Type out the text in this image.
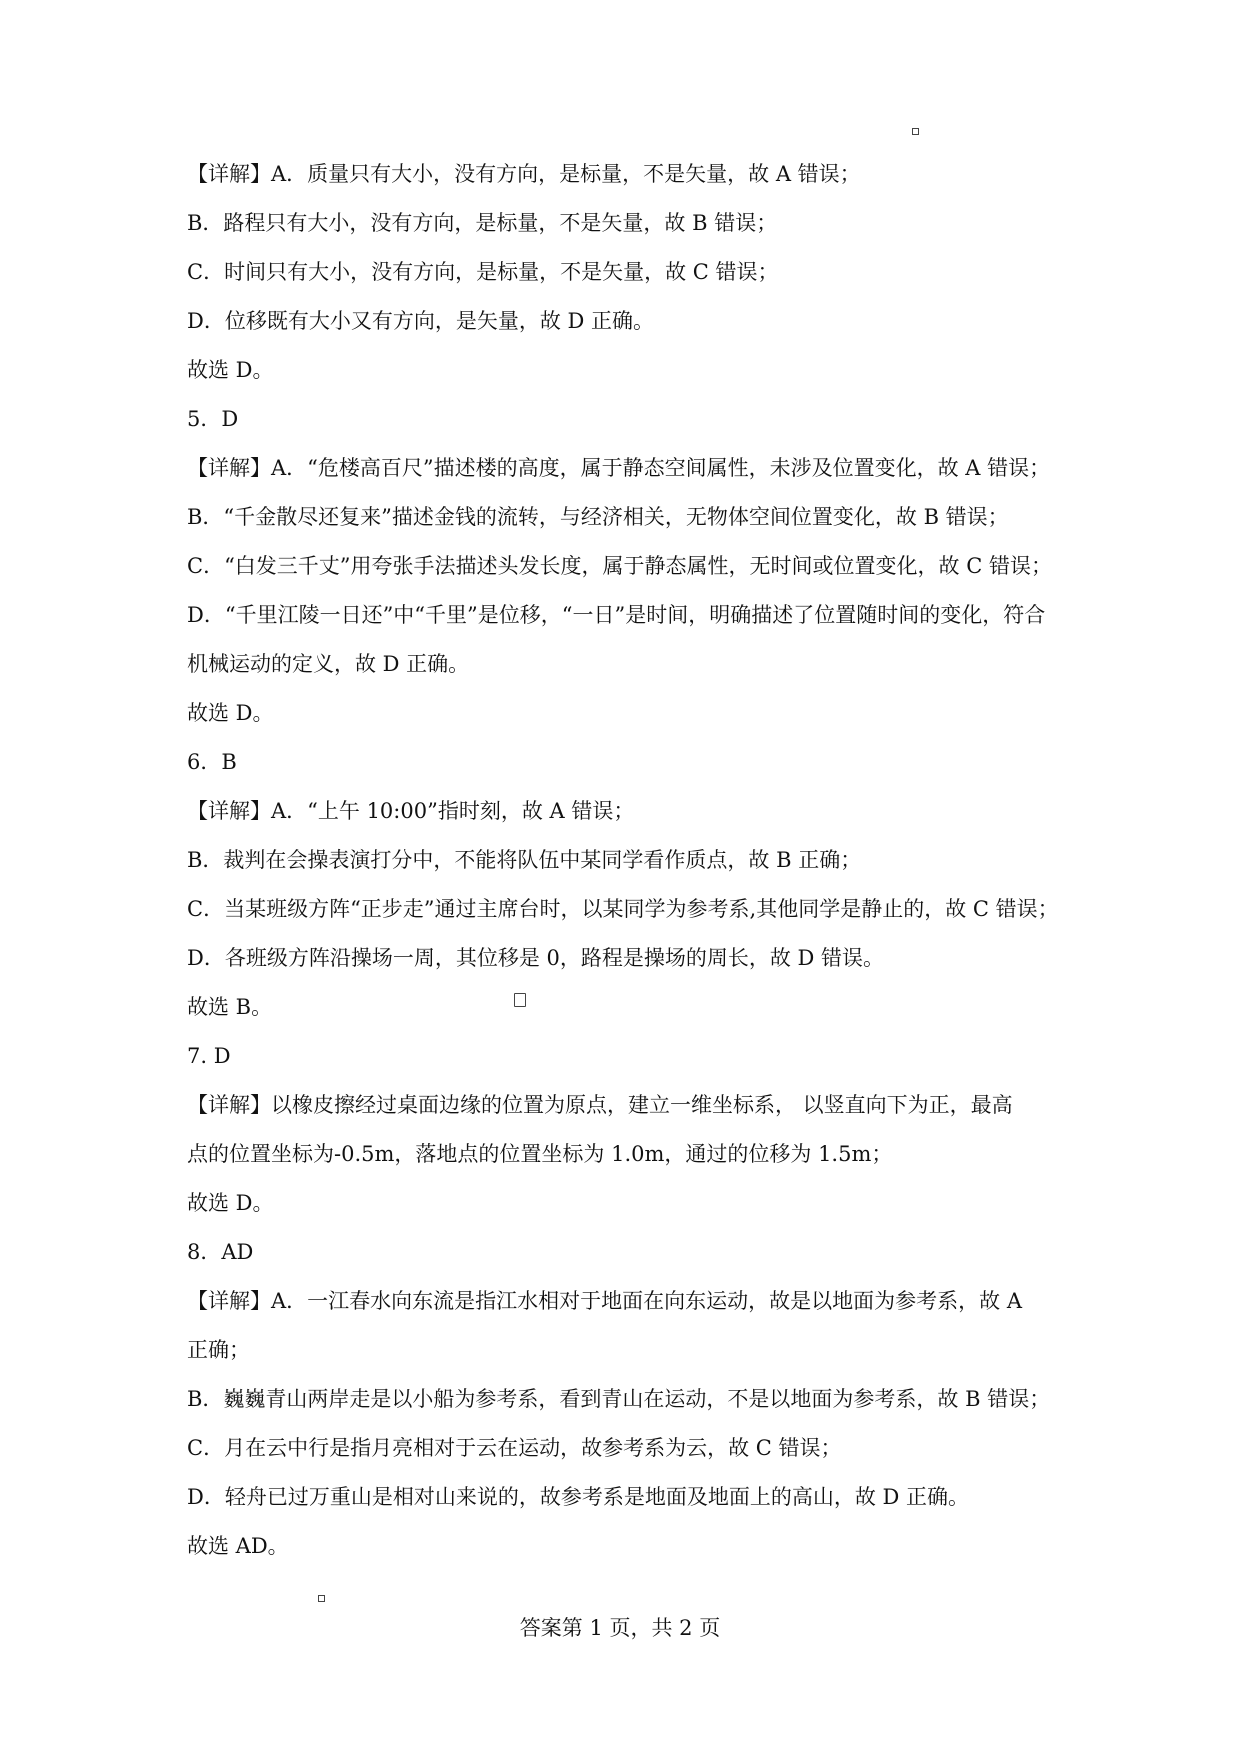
【详解】A．质量只有大小，没有方向，是标量，不是矢量，故 A 错误；
B．路程只有大小，没有方向，是标量，不是矢量，故 B 错误；
C．时间只有大小，没有方向，是标量，不是矢量，故 C 错误；
D．位移既有大小又有方向，是矢量，故 D 正确。
故选 D。
5．D
【详解】A．“危楼高百尺”描述楼的高度，属于静态空间属性，未涉及位置变化，故 A 错误；
B．“千金散尽还复来”描述金钱的流转，与经济相关，无物体空间位置变化，故 B 错误；
C．“白发三千丈”用夸张手法描述头发长度，属于静态属性，无时间或位置变化，故 C 错误；
D．“千里江陵一日还”中“千里”是位移，“一日”是时间，明确描述了位置随时间的变化，符合
机械运动的定义，故 D 正确。
故选 D。
6．B
【详解】A．“上午 10:00”指时刻，故 A 错误；
B．裁判在会操表演打分中，不能将队伍中某同学看作质点，故 B 正确；
C．当某班级方阵“正步走”通过主席台时，以某同学为参考系,其他同学是静止的，故 C 错误；
D．各班级方阵沿操场一周，其位移是 0，路程是操场的周长，故 D 错误。
故选 B。
7. D
【详解】以橡皮擦经过桌面边缘的位置为原点，建立一维坐标系， 以竖直向下为正，最高
点的位置坐标为-0.5m，落地点的位置坐标为 1.0m，通过的位移为 1.5m；
故选 D。
8．AD
【详解】A．一江春水向东流是指江水相对于地面在向东运动，故是以地面为参考系，故 A
正确；
B．巍巍青山两岸走是以小船为参考系，看到青山在运动，不是以地面为参考系，故 B 错误；
C．月在云中行是指月亮相对于云在运动，故参考系为云，故 C 错误；
D．轻舟已过万重山是相对山来说的，故参考系是地面及地面上的高山，故 D 正确。
故选 AD。
答案第 1 页，共 2 页
